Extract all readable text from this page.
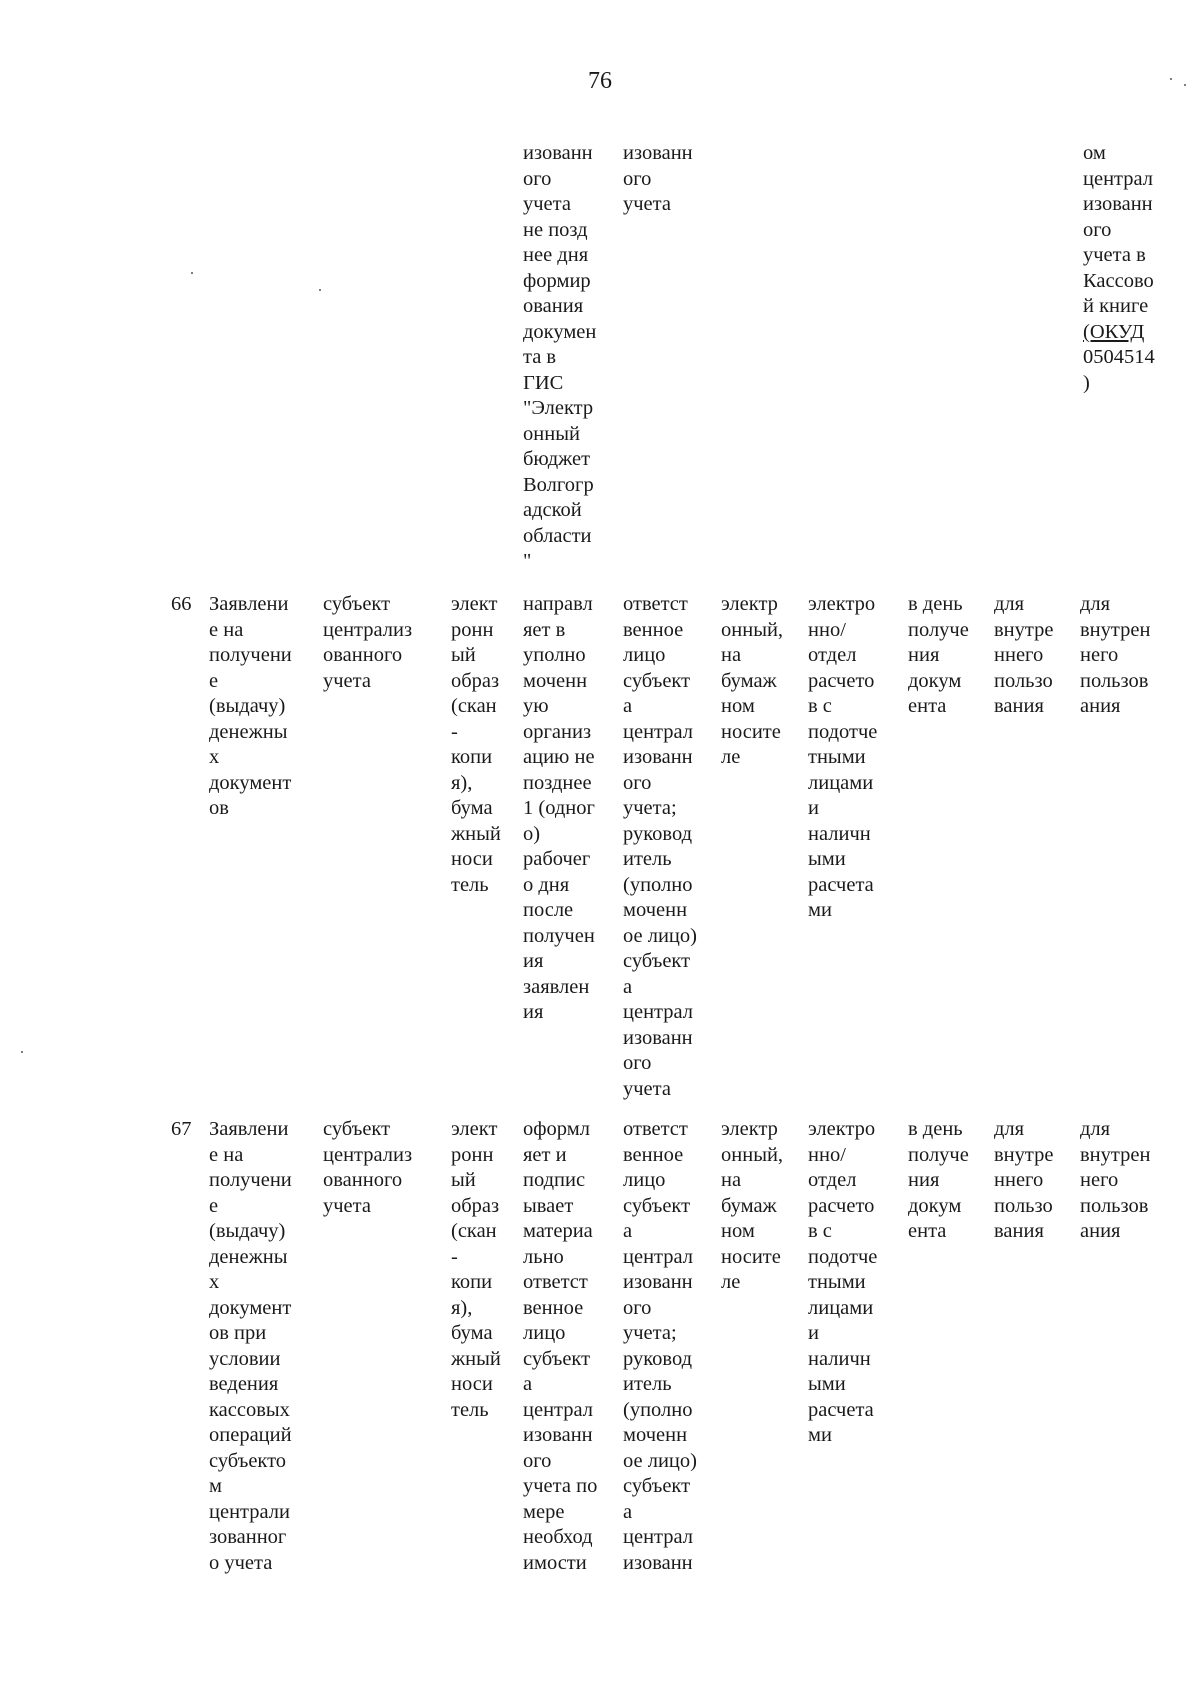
76
изованн
ого
учета
не позд
нее дня
формир
ования
докумен
та в
ГИС
"Электр
онный
бюджет
Волгогр
адской
области
"
изованн
ого
учета
ом
централ
изованн
ого
учета в
Кассово
й книге
(ОКУД
0504514
)
66 Заявлени
е на
получени
е
(выдачу)
денежны
х
документ
ов
субъект
централиз
ованного
учета
элект
ронн
ый
образ
(скан
-
копи
я),
бума
жный
носи
тель
направл
яет в
уполно
моченн
ую
организ
ацию не
позднее
1 (одног
о)
рабочег
о дня
после
получен
ия
заявлен
ия
ответст
венное
лицо
субъект
а
централ
изованн
ого
учета;
руковод
итель
(уполно
моченн
ое лицо)
субъект
а
централ
изованн
ого
учета
электр
онный,
на
бумаж
ном
носите
ле
электро
нно/
отдел
расчето
в с
подотче
тными
лицами
и
наличн
ыми
расчета
ми
в день
получе
ния
докум
ента
для
внутре
ннего
пользо
вания
для
внутрен
него
пользов
ания
67 Заявлени
е на
получени
е
(выдачу)
денежны
х
документ
ов при
условии
ведения
кассовых
операций
субъекто
м
централи
зованног
о учета
субъект
централиз
ованного
учета
элект
ронн
ый
образ
(скан
-
копи
я),
бума
жный
носи
тель
оформл
яет и
подпис
ывает
материа
льно
ответст
венное
лицо
субъект
а
централ
изованн
ого
учета по
мере
необход
имости
ответст
венное
лицо
субъект
а
централ
изованн
ого
учета;
руковод
итель
(уполно
моченн
ое лицо)
субъект
а
централ
изованн
электр
онный,
на
бумаж
ном
носите
ле
электро
нно/
отдел
расчето
в с
подотче
тными
лицами
и
наличн
ыми
расчета
ми
в день
получе
ния
докум
ента
для
внутре
ннего
пользо
вания
для
внутрен
него
пользов
ания
